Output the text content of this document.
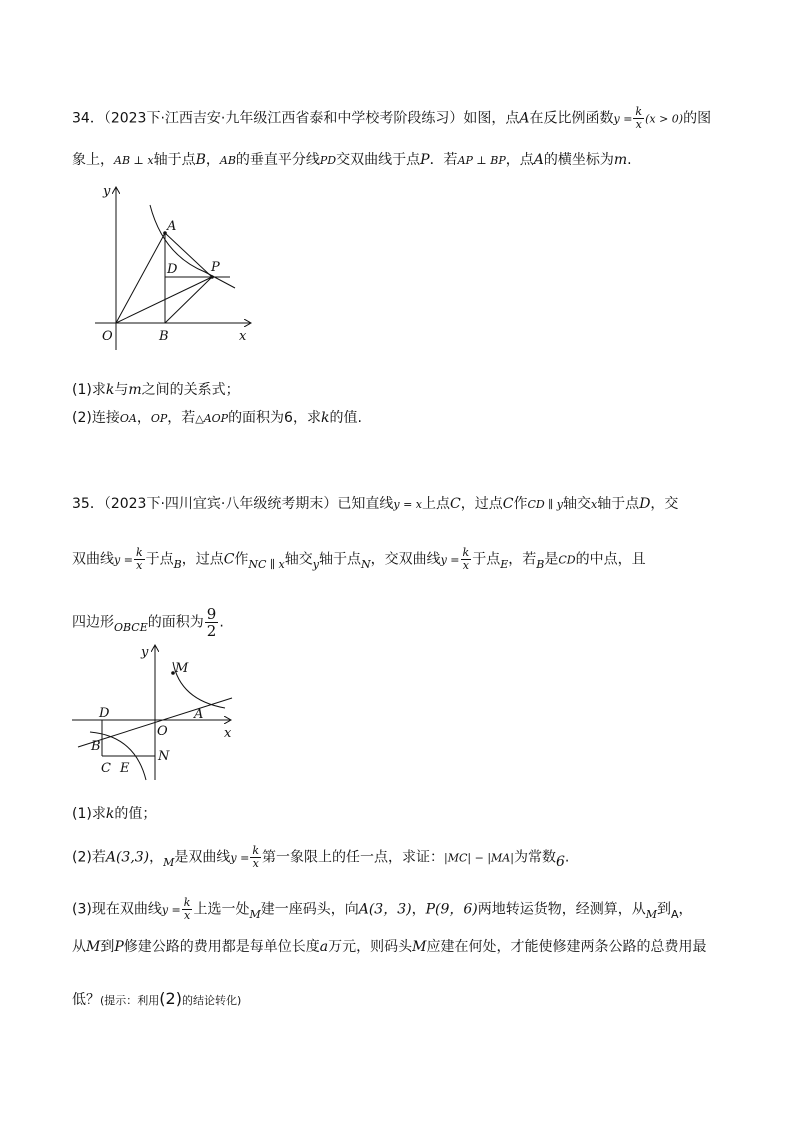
34．（2023下·江西吉安·九年级江西省泰和中学校考阶段练习）如图，点A在反比例函数$y = \frac{k}{x} (x > 0)$的图
象上，AB ⊥ x轴于点B，AB的垂直平分线PD交双曲线于点P．若AP ⊥ BP，点A的横坐标为m.
y
x
O
A
B
D	P
(1)求k与m之间的关系式；
(2)连接OA，OP，若△AOP的面积为6，求k的值.
35．（2023下·四川宜宾·八年级统考期末）已知直线y = x上点C，过点C作CD ∥ y轴交x轴于点D，交
双曲线$y = \frac{k}{x}$ 于点$_B$，过点C作$_{NC \parallel x}$轴交$_y$轴于点$_N$，交双曲线$y = \frac{k}{x}$ 于点$_E$，若$_B$是CD的中点，且
四边形$_{OBCE}$的面积为 $\frac{9}{2}$ .
y
x
O
M
A
D
B
C E
N
(1)求k的值；
(2)若A(3,3)，$_M$是双曲线$y = \frac{k}{x}$ 第一象限上的任一点，求证：|MC| − |MA|为常数6.
(3)现在双曲线$y = \frac{k}{x}$ 上选一处$_M$建一座码头，向A(3，3)，P(9，6)两地转运货物，经测算，从$_M$到$_A$，
从M到P修建公路的费用都是每单位长度a万元，则码头M应建在何处，才能使修建两条公路的总费用最
低？(提示：利用(2)的结论转化)
